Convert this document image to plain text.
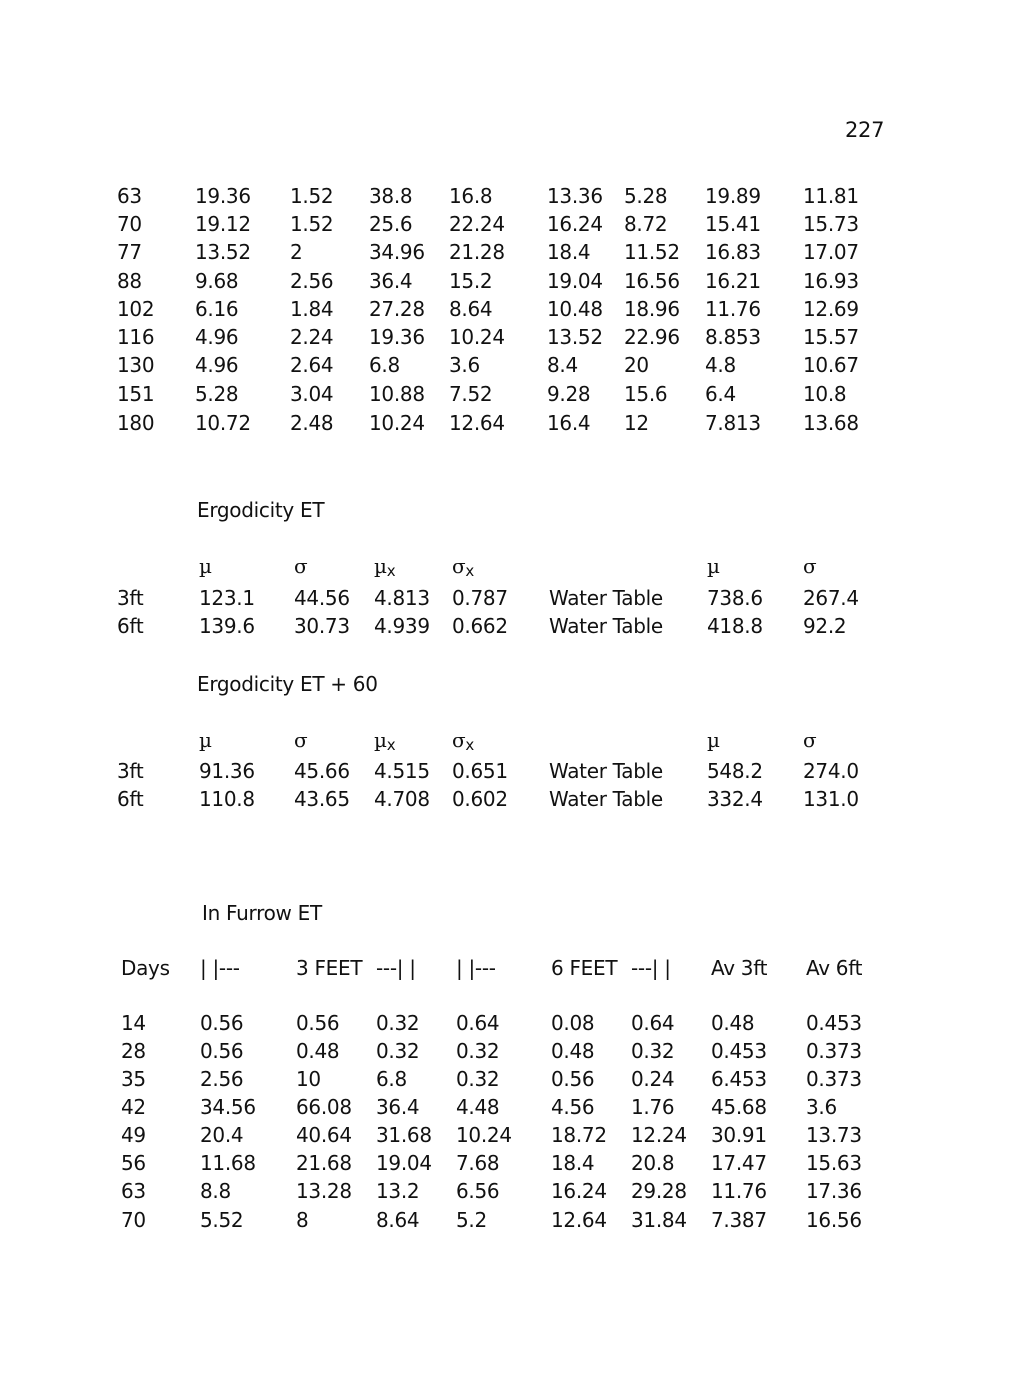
227
63	19.36 1.52 38.8 16.8	13.36 5.28 19.89 11.81
70	19.12 1.52 25.6 22.24 16.24 8.72 15.41 15.73
77	13.52 2	34.96 21.28 18.4 11.52 16.83 17.07
88	9.68	2.56 36.4 15.2	19.04 16.56 16.21 16.93
102 6.16	1.84 27.28 8.64	10.48 18.96 11.76 12.69
116 4.96	2.24 19.36 10.24 13.52 22.96 8.853 15.57
130 4.96	2.64 6.8 3.6	8.4 20	4.8	10.67
151 5.28	3.04 10.88 7.52	9.28 15.6 6.4	10.8
180 10.72 2.48 10.24 12.64 16.4 12	7.813 13.68
Ergodicity ET
µ	σ	µ$_x$	$\sigma_x$	µ	σ
3ft	123.1 44.56 4.813 0.787 Water Table 738.6 267.4
6ft	139.6 30.73 4.939 0.662 Water Table 418.8 92.2
Ergodicity ET + 60
µ	σ	µ$_x$	$\sigma_x$	µ	σ
3ft	91.36 45.66 4.515 0.651 Water Table 548.2 274.0
6ft	110.8 43.65 4.708 0.602 Water Table 332.4 131.0
In Furrow ET
Days | |---	3 FEET ---| | | |---	6 FEET ---| | Av 3ft Av 6ft
14	0.56	0.56 0.32 0.64	0.08 0.64 0.48	0.453
28	0.56	0.48 0.32 0.32	0.48 0.32 0.453 0.373
35	2.56	10	6.8 0.32	0.56 0.24 6.453 0.373
42	34.56 66.08 36.4 4.48	4.56 1.76 45.68 3.6
49	20.4	40.64 31.68 10.24 18.72 12.24 30.91 13.73
56	11.68 21.68 19.04 7.68	18.4 20.8 17.47 15.63
63	8.8	13.28 13.2 6.56	16.24 29.28 11.76 17.36
70	5.52	8	8.64 5.2	12.64 31.84 7.387 16.56
